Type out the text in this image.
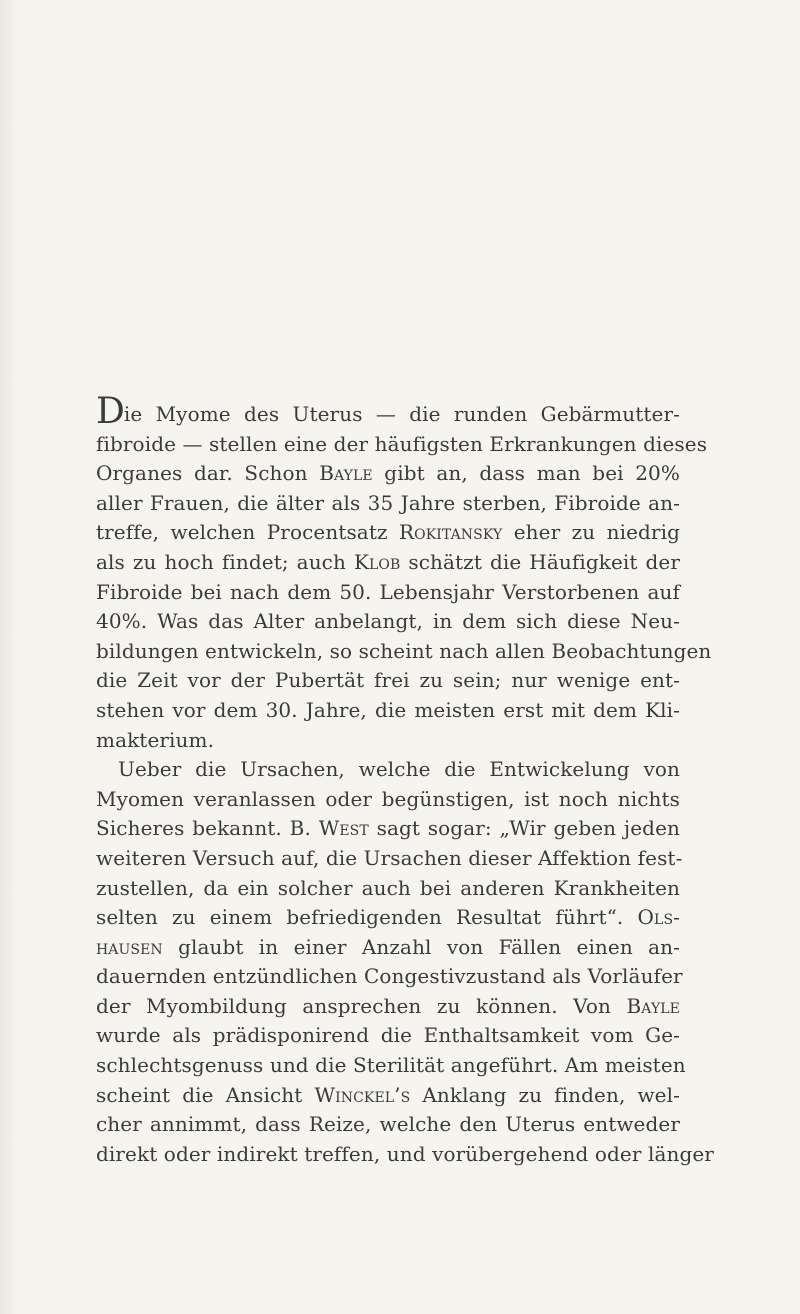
Die Myome des Uterus — die runden Gebärmutter-
fibroide — stellen eine der häufigsten Erkrankungen dieses
Organes dar. Schon Bayle gibt an, dass man bei 20%
aller Frauen, die älter als 35 Jahre sterben, Fibroide an-
treffe, welchen Procentsatz Rokitansky eher zu niedrig
als zu hoch findet; auch Klob schätzt die Häufigkeit der
Fibroide bei nach dem 50. Lebensjahr Verstorbenen auf
40%. Was das Alter anbelangt, in dem sich diese Neu-
bildungen entwickeln, so scheint nach allen Beobachtungen
die Zeit vor der Pubertät frei zu sein; nur wenige ent-
stehen vor dem 30. Jahre, die meisten erst mit dem Kli-
makterium.
Ueber die Ursachen, welche die Entwickelung von
Myomen veranlassen oder begünstigen, ist noch nichts
Sicheres bekannt. B. West sagt sogar: „Wir geben jeden
weiteren Versuch auf, die Ursachen dieser Affektion fest-
zustellen, da ein solcher auch bei anderen Krankheiten
selten zu einem befriedigenden Resultat führt“. Ols-
hausen glaubt in einer Anzahl von Fällen einen an-
dauernden entzündlichen Congestivzustand als Vorläufer
der Myombildung ansprechen zu können. Von Bayle
wurde als prädisponirend die Enthaltsamkeit vom Ge-
schlechtsgenuss und die Sterilität angeführt. Am meisten
scheint die Ansicht Winckel’s Anklang zu finden, wel-
cher annimmt, dass Reize, welche den Uterus entweder
direkt oder indirekt treffen, und vorübergehend oder länger
